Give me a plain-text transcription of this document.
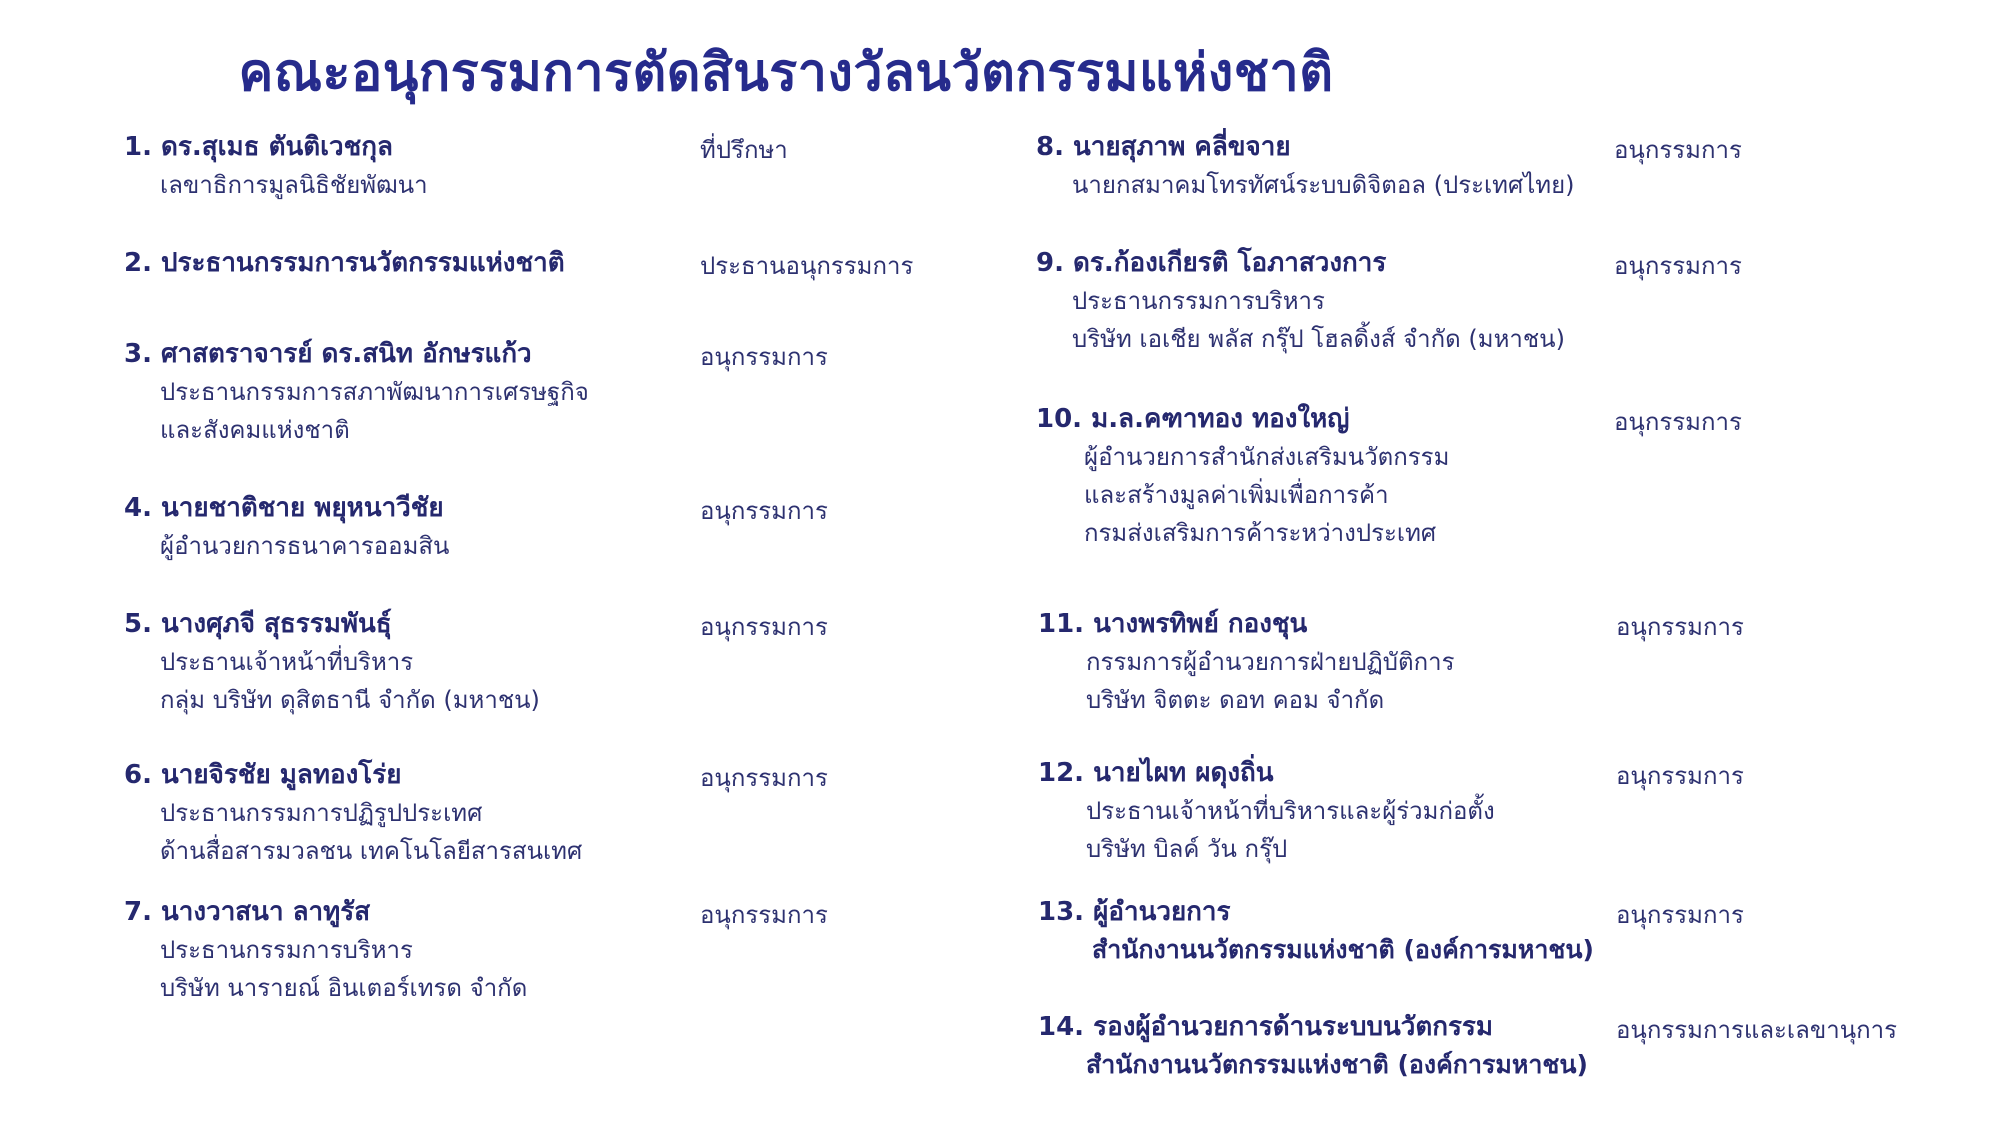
คณะอนุกรรมการตัดสินรางวัลนวัตกรรมแห่งชาติ
1. ดร.สุเมธ ตันติเวชกุล
เลขาธิการมูลนิธิชัยพัฒนา
ที่ปรึกษา
2. ประธานกรรมการนวัตกรรมแห่งชาติ	ประธานอนุกรรมการ
3. ศาสตราจารย์ ดร.สนิท อักษรแก้ว
ประธานกรรมการสภาพัฒนาการเศรษฐกิจ
และสังคมแห่งชาติ
อนุกรรมการ
4. นายชาติชาย พยุหนาวีชัย
ผู้อำนวยการธนาคารออมสิน
อนุกรรมการ
5. นางศุภจี สุธรรมพันธุ์
ประธานเจ้าหน้าที่บริหาร
กลุ่ม บริษัท ดุสิตธานี จำกัด (มหาชน)
อนุกรรมการ
6. นายจิรชัย มูลทองโร่ย
ประธานกรรมการปฏิรูปประเทศ
ด้านสื่อสารมวลชน เทคโนโลยีสารสนเทศ
อนุกรรมการ
7. นางวาสนา ลาทูรัส
ประธานกรรมการบริหาร
บริษัท นารายณ์ อินเตอร์เทรด จำกัด
อนุกรรมการ
8. นายสุภาพ คลี่ขจาย
นายกสมาคมโทรทัศน์ระบบดิจิตอล (ประเทศไทย)
อนุกรรมการ
9. ดร.ก้องเกียรติ โอภาสวงการ
ประธานกรรมการบริหาร
บริษัท เอเชีย พลัส กรุ๊ป โฮลดิ้งส์ จำกัด (มหาชน)
อนุกรรมการ
10. ม.ล.คฑาทอง ทองใหญ่
ผู้อำนวยการสำนักส่งเสริมนวัตกรรม
และสร้างมูลค่าเพิ่มเพื่อการค้า
กรมส่งเสริมการค้าระหว่างประเทศ
อนุกรรมการ
11. นางพรทิพย์ กองชุน
กรรมการผู้อำนวยการฝ่ายปฏิบัติการ
บริษัท จิตตะ ดอท คอม จำกัด
อนุกรรมการ
12. นายไผท ผดุงถิ่น
ประธานเจ้าหน้าที่บริหารและผู้ร่วมก่อตั้ง
บริษัท บิลค์ วัน กรุ๊ป
อนุกรรมการ
13. ผู้อำนวยการ
สำนักงานนวัตกรรมแห่งชาติ (องค์การมหาชน)
อนุกรรมการ
14. รองผู้อำนวยการด้านระบบนวัตกรรม
สำนักงานนวัตกรรมแห่งชาติ (องค์การมหาชน)
อนุกรรมการและเลขานุการ
